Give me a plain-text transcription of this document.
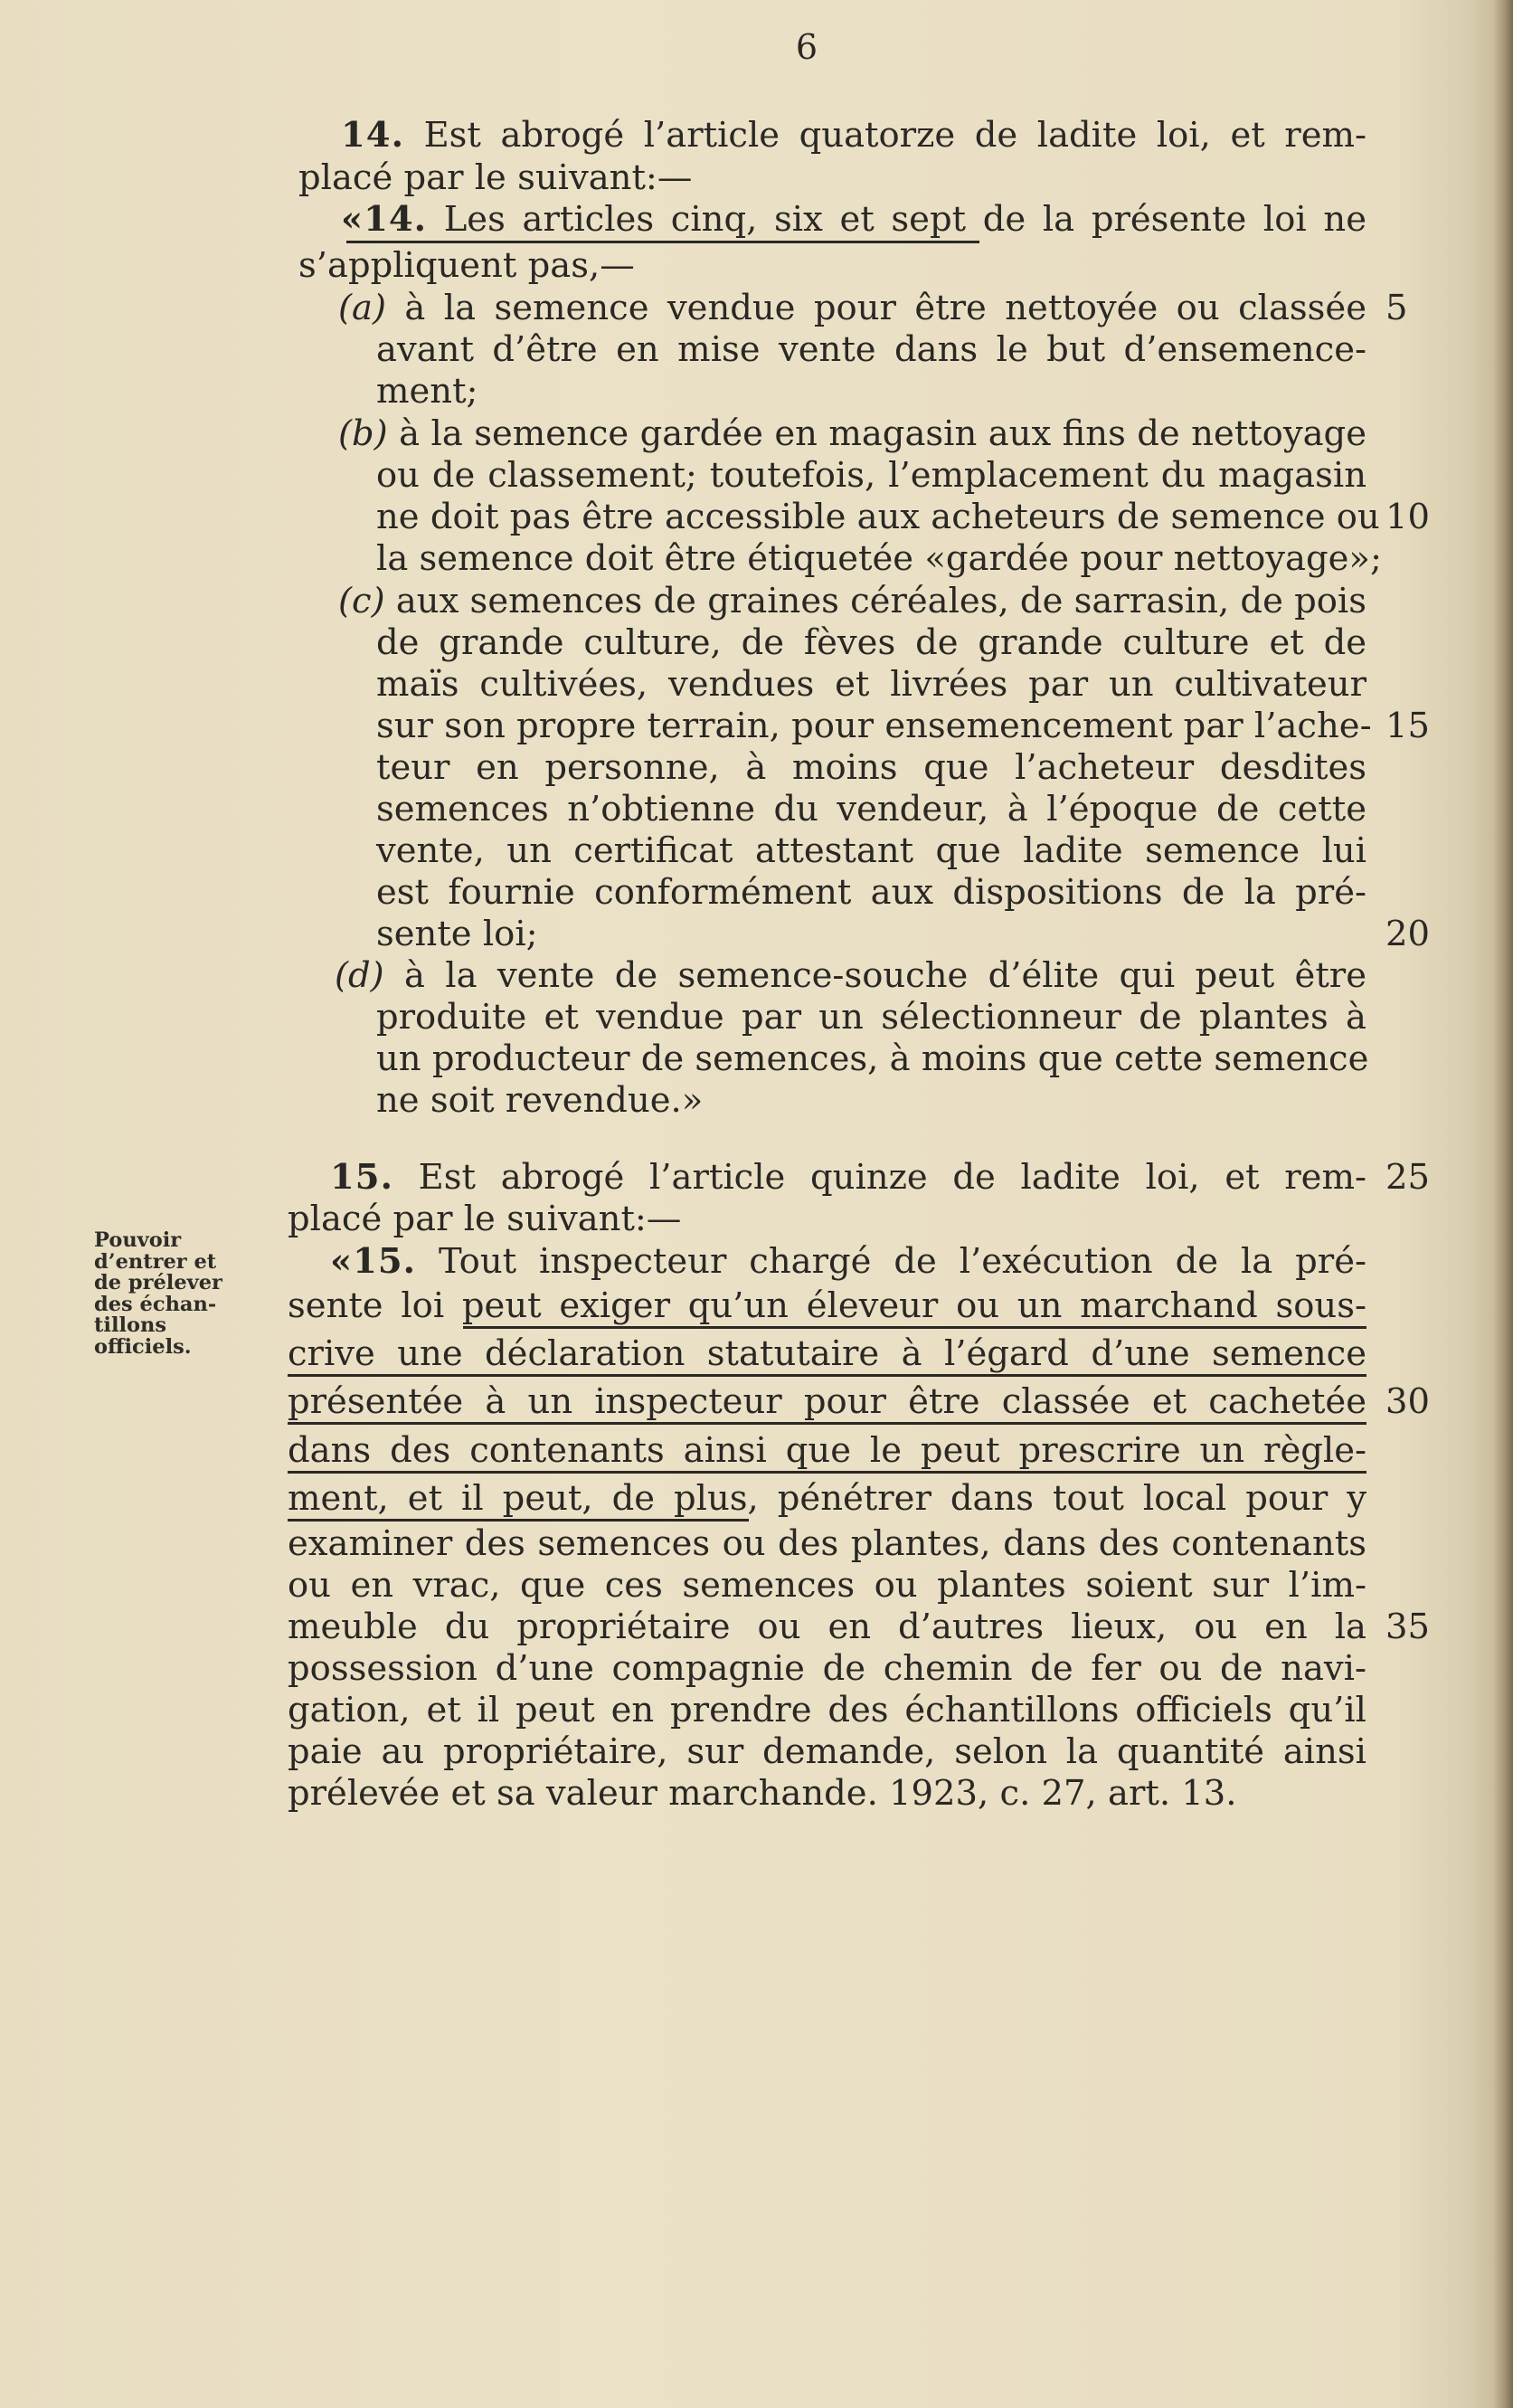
6
14. Est abrogé l’article quatorze de ladite loi, et rem-
placé par le suivant:—
«14. Les articles cinq, six et sept de la présente loi ne
s’appliquent pas,—
(a) à la semence vendue pour être nettoyée ou classée
avant d’être en mise vente dans le but d’ensemence-
ment;
(b) à la semence gardée en magasin aux fins de nettoyage
ou de classement; toutefois, l’emplacement du magasin
ne doit pas être accessible aux acheteurs de semence ou
la semence doit être étiquetée «gardée pour nettoyage»;
(c) aux semences de graines céréales, de sarrasin, de pois
de grande culture, de fèves de grande culture et de
maïs cultivées, vendues et livrées par un cultivateur
sur son propre terrain, pour ensemencement par l’ache-
teur en personne, à moins que l’acheteur desdites
semences n’obtienne du vendeur, à l’époque de cette
vente, un certificat attestant que ladite semence lui
est fournie conformément aux dispositions de la pré-
sente loi;
(d) à la vente de semence-souche d’élite qui peut être
produite et vendue par un sélectionneur de plantes à
un producteur de semences, à moins que cette semence
ne soit revendue.»
15. Est abrogé l’article quinze de ladite loi, et rem-
placé par le suivant:—
«15. Tout inspecteur chargé de l’exécution de la pré-
sente loi peut exiger qu’un éleveur ou un marchand sous-
crive une déclaration statutaire à l’égard d’une semence
présentée à un inspecteur pour être classée et cachetée
dans des contenants ainsi que le peut prescrire un règle-
ment, et il peut, de plus, pénétrer dans tout local pour y
examiner des semences ou des plantes, dans des contenants
ou en vrac, que ces semences ou plantes soient sur l’im-
meuble du propriétaire ou en d’autres lieux, ou en la
possession d’une compagnie de chemin de fer ou de navi-
gation, et il peut en prendre des échantillons officiels qu’il
paie au propriétaire, sur demande, selon la quantité ainsi
prélevée et sa valeur marchande. 1923, c. 27, art. 13.
Pouvoir
d’entrer et
de prélever
des échan-
tillons
officiels.
5
10
15
20
25
30
35
